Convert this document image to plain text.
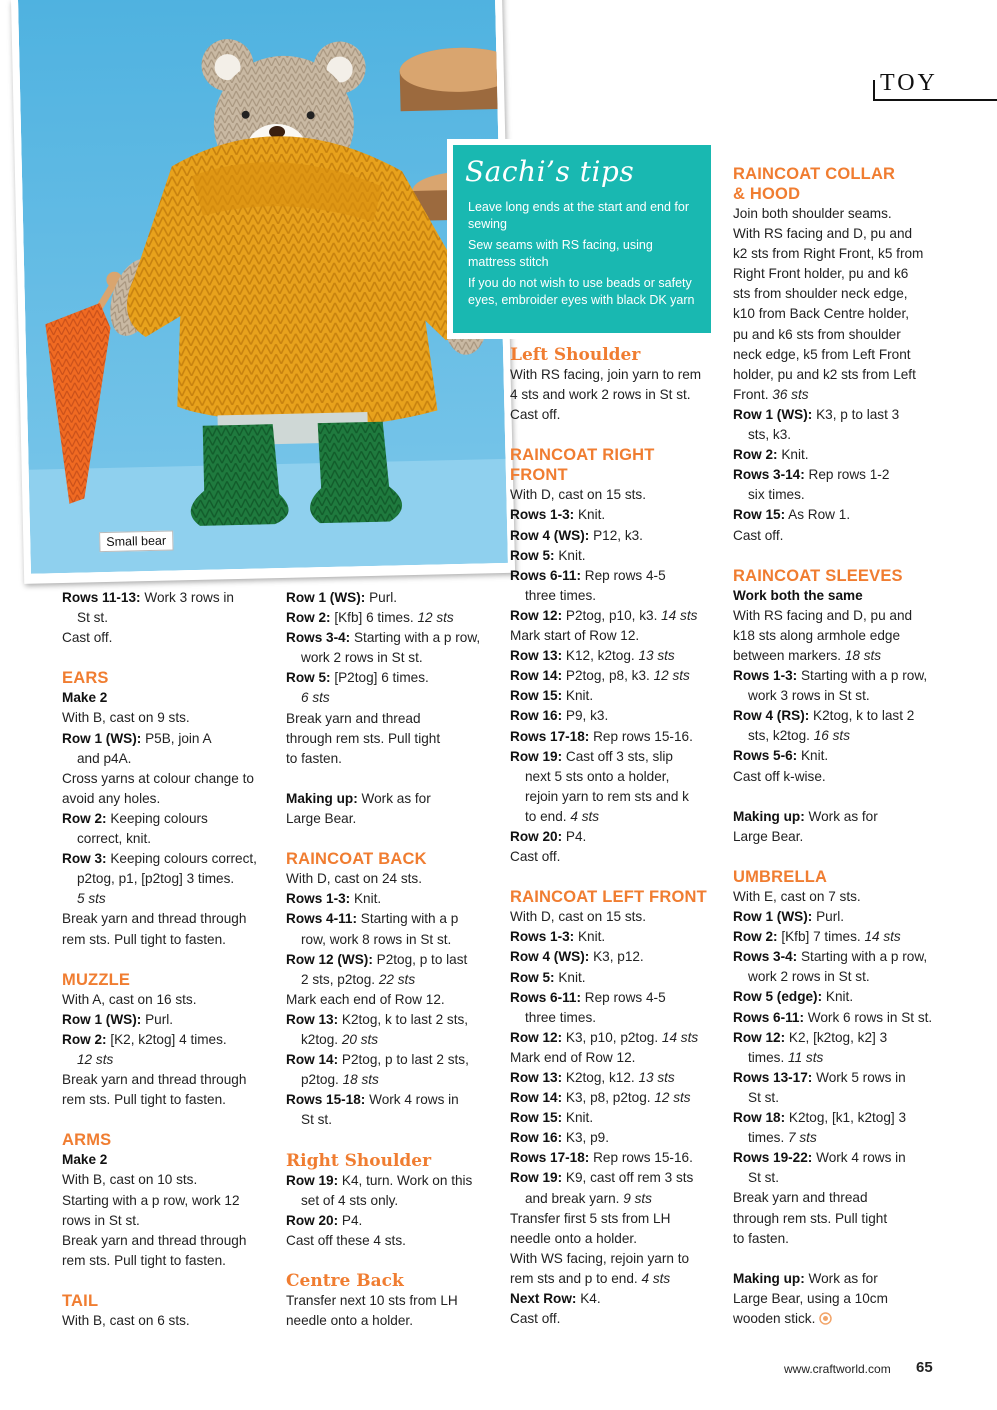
Small bear
TOY
Sachi’s tips

Leave long ends at the start and end for sewing

Sew seams with RS facing, using mattress stitch

If you do not wish to use beads or safety eyes, embroider eyes with black DK yarn

Rows 11-13: Work 3 rows in
St st.
Cast off.
EARS
Make 2
With B, cast on 9 sts.
Row 1 (WS): P5B, join A
and p4A.
Cross yarns at colour change to
avoid any holes.
Row 2: Keeping colours
correct, knit.
Row 3: Keeping colours correct,
p2tog, p1, [p2tog] 3 times.
5 sts
Break yarn and thread through
rem sts. Pull tight to fasten.
MUZZLE
With A, cast on 16 sts.
Row 1 (WS): Purl.
Row 2: [K2, k2tog] 4 times.
12 sts
Break yarn and thread through
rem sts. Pull tight to fasten.
ARMS
Make 2
With B, cast on 10 sts.
Starting with a p row, work 12
rows in St st.
Break yarn and thread through
rem sts. Pull tight to fasten.
TAIL
With B, cast on 6 sts.
Row 1 (WS): Purl.
Row 2: [Kfb] 6 times. 12 sts
Rows 3-4: Starting with a p row,
work 2 rows in St st.
Row 5: [P2tog] 6 times.
6 sts
Break yarn and thread
through rem sts. Pull tight
to fasten.
Making up: Work as for
Large Bear.
RAINCOAT BACK
With D, cast on 24 sts.
Rows 1-3: Knit.
Rows 4-11: Starting with a p
row, work 8 rows in St st.
Row 12 (WS): P2tog, p to last
2 sts, p2tog. 22 sts
Mark each end of Row 12.
Row 13: K2tog, k to last 2 sts,
k2tog. 20 sts
Row 14: P2tog, p to last 2 sts,
p2tog. 18 sts
Rows 15-18: Work 4 rows in
St st.
Right Shoulder
Row 19: K4, turn. Work on this
set of 4 sts only.
Row 20: P4.
Cast off these 4 sts.
Centre Back
Transfer next 10 sts from LH
needle onto a holder.
Left Shoulder
With RS facing, join yarn to rem
4 sts and work 2 rows in St st.
Cast off.
RAINCOAT RIGHT
FRONT
With D, cast on 15 sts.
Rows 1-3: Knit.
Row 4 (WS): P12, k3.
Row 5: Knit.
Rows 6-11: Rep rows 4-5
three times.
Row 12: P2tog, p10, k3. 14 sts
Mark start of Row 12.
Row 13: K12, k2tog. 13 sts
Row 14: P2tog, p8, k3. 12 sts
Row 15: Knit.
Row 16: P9, k3.
Rows 17-18: Rep rows 15-16.
Row 19: Cast off 3 sts, slip
next 5 sts onto a holder,
rejoin yarn to rem sts and k
to end. 4 sts
Row 20: P4.
Cast off.
RAINCOAT LEFT FRONT
With D, cast on 15 sts.
Rows 1-3: Knit.
Row 4 (WS): K3, p12.
Row 5: Knit.
Rows 6-11: Rep rows 4-5
three times.
Row 12: K3, p10, p2tog. 14 sts
Mark end of Row 12.
Row 13: K2tog, k12. 13 sts
Row 14: K3, p8, p2tog. 12 sts
Row 15: Knit.
Row 16: K3, p9.
Rows 17-18: Rep rows 15-16.
Row 19: K9, cast off rem 3 sts
and break yarn. 9 sts
Transfer first 5 sts from LH
needle onto a holder.
With WS facing, rejoin yarn to
rem sts and p to end. 4 sts
Next Row: K4.
Cast off.
RAINCOAT COLLAR
& HOOD
Join both shoulder seams.
With RS facing and D, pu and
k2 sts from Right Front, k5 from
Right Front holder, pu and k6
sts from shoulder neck edge,
k10 from Back Centre holder,
pu and k6 sts from shoulder
neck edge, k5 from Left Front
holder, pu and k2 sts from Left
Front. 36 sts
Row 1 (WS): K3, p to last 3
sts, k3.
Row 2: Knit.
Rows 3-14: Rep rows 1-2
six times.
Row 15: As Row 1.
Cast off.
RAINCOAT SLEEVES
Work both the same
With RS facing and D, pu and
k18 sts along armhole edge
between markers. 18 sts
Rows 1-3: Starting with a p row,
work 3 rows in St st.
Row 4 (RS): K2tog, k to last 2
sts, k2tog. 16 sts
Rows 5-6: Knit.
Cast off k-wise.
Making up: Work as for
Large Bear.
UMBRELLA
With E, cast on 7 sts.
Row 1 (WS): Purl.
Row 2: [Kfb] 7 times. 14 sts
Rows 3-4: Starting with a p row,
work 2 rows in St st.
Row 5 (edge): Knit.
Rows 6-11: Work 6 rows in St st.
Row 12: K2, [k2tog, k2] 3
times. 11 sts
Rows 13-17: Work 5 rows in
St st.
Row 18: K2tog, [k1, k2tog] 3
times. 7 sts
Rows 19-22: Work 4 rows in
St st.
Break yarn and thread
through rem sts. Pull tight
to fasten.
Making up: Work as for
Large Bear, using a 10cm
wooden stick.
www.craftworld.com 65
